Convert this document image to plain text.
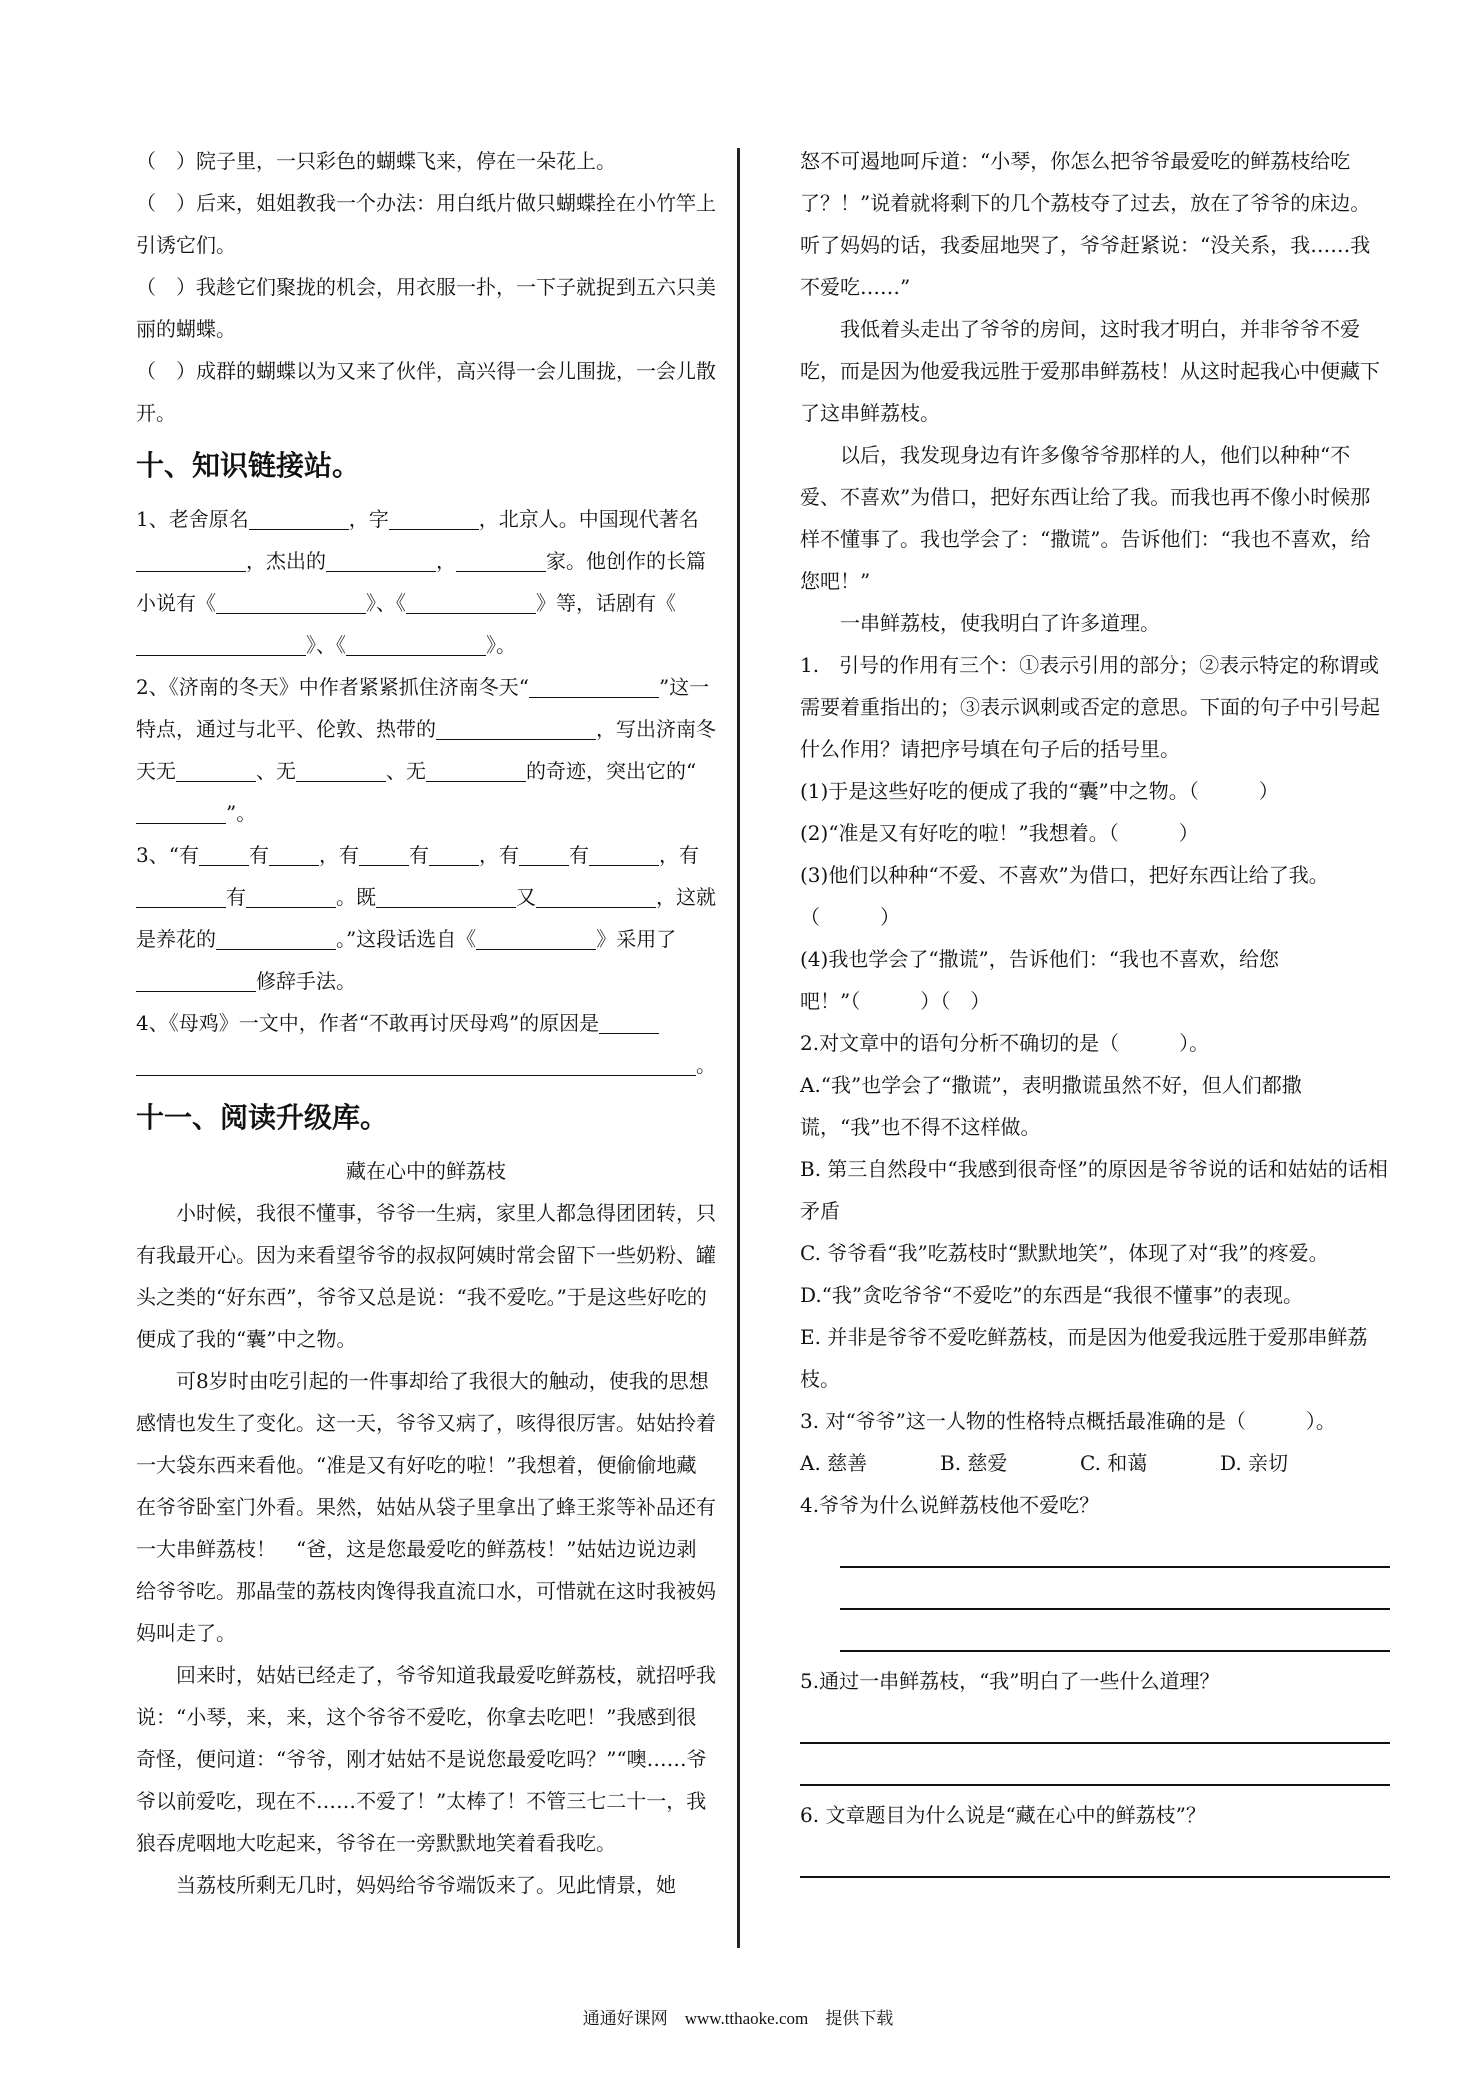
（　）院子里，一只彩色的蝴蝶飞来，停在一朵花上。

（　）后来，姐姐教我一个办法：用白纸片做只蝴蝶拴在小竹竿上引诱它们。

（　）我趁它们聚拢的机会，用衣服一扑，一下子就捉到五六只美丽的蝴蝶。

（　）成群的蝴蝶以为又来了伙伴，高兴得一会儿围拢，一会儿散开。

十、知识链接站。

1、老舍原名	，字	，北京人。中国现代著名，杰出的	，	家。他创作的长篇小说有《	》、《	》等，话剧有《》、《	》。

2、《济南的冬天》中作者紧紧抓住济南冬天“	”这一特点，通过与北平、伦敦、热带的	，写出济南冬天无	、无	、无	的奇迹，突出它的“”。

3、“有	有	，有	有	，有	有	，有有	。既	又	，这就是养花的	。”这段话选自《	》采用了修辞手法。

4、《母鸡》一文中，作者“不敢再讨厌母鸡”的原因是
。

十一、阅读升级库。

藏在心中的鲜荔枝

小时候，我很不懂事，爷爷一生病，家里人都急得团团转，只有我最开心。因为来看望爷爷的叔叔阿姨时常会留下一些奶粉、罐头之类的“好东西”，爷爷又总是说：“我不爱吃。”于是这些好吃的便成了我的“囊”中之物。

可8岁时由吃引起的一件事却给了我很大的触动，使我的思想感情也发生了变化。这一天，爷爷又病了，咳得很厉害。姑姑拎着一大袋东西来看他。“准是又有好吃的啦！”我想着，便偷偷地藏在爷爷卧室门外看。果然，姑姑从袋子里拿出了蜂王浆等补品还有一大串鲜荔枝！　“爸，这是您最爱吃的鲜荔枝！”姑姑边说边剥给爷爷吃。那晶莹的荔枝肉馋得我直流口水，可惜就在这时我被妈妈叫走了。

回来时，姑姑已经走了，爷爷知道我最爱吃鲜荔枝，就招呼我说：“小琴，来，来，这个爷爷不爱吃，你拿去吃吧！”我感到很奇怪，便问道：“爷爷，刚才姑姑不是说您最爱吃吗？”“噢……爷爷以前爱吃，现在不……不爱了！”太棒了！不管三七二十一，我狼吞虎咽地大吃起来，爷爷在一旁默默地笑着看我吃。

当荔枝所剩无几时，妈妈给爷爷端饭来了。见此情景，她

怒不可遏地呵斥道：“小琴，你怎么把爷爷最爱吃的鲜荔枝给吃了？！”说着就将剩下的几个荔枝夺了过去，放在了爷爷的床边。听了妈妈的话，我委屈地哭了，爷爷赶紧说：“没关系，我……我不爱吃……”

我低着头走出了爷爷的房间，这时我才明白，并非爷爷不爱吃，而是因为他爱我远胜于爱那串鲜荔枝！从这时起我心中便藏下了这串鲜荔枝。

以后，我发现身边有许多像爷爷那样的人，他们以种种“不爱、不喜欢”为借口，把好东西让给了我。而我也再不像小时候那样不懂事了。我也学会了：“撒谎”。告诉他们：“我也不喜欢，给您吧！”

一串鲜荔枝，使我明白了许多道理。

1.　引号的作用有三个：①表示引用的部分；②表示特定的称谓或需要着重指出的；③表示讽刺或否定的意思。下面的句子中引号起什么作用？请把序号填在句子后的括号里。

(1)于是这些好吃的便成了我的“囊”中之物。（　　　）

(2)“准是又有好吃的啦！”我想着。（　　　）

(3)他们以种种“不爱、不喜欢”为借口，把好东西让给了我。（　　　）

(4)我也学会了“撒谎”，告诉他们：“我也不喜欢，给您吧！”（　　　）（　）

2.对文章中的语句分析不确切的是（　　　）。

A.“我”也学会了“撒谎”，表明撒谎虽然不好，但人们都撒谎，“我”也不得不这样做。

B. 第三自然段中“我感到很奇怪”的原因是爷爷说的话和姑姑的话相矛盾

C. 爷爷看“我”吃荔枝时“默默地笑”，体现了对“我”的疼爱。

D.“我”贪吃爷爷“不爱吃”的东西是“我很不懂事”的表现。

E. 并非是爷爷不爱吃鲜荔枝，而是因为他爱我远胜于爱那串鲜荔枝。

3. 对“爷爷”这一人物的性格特点概括最准确的是（　　　）。

A. 慈善	B. 慈爱	C. 和蔼	D. 亲切

4.爷爷为什么说鲜荔枝他不爱吃？

5.通过一串鲜荔枝，“我”明白了一些什么道理？

6. 文章题目为什么说是“藏在心中的鲜荔枝”？

通通好课网　www.tthaoke.com　提供下载
